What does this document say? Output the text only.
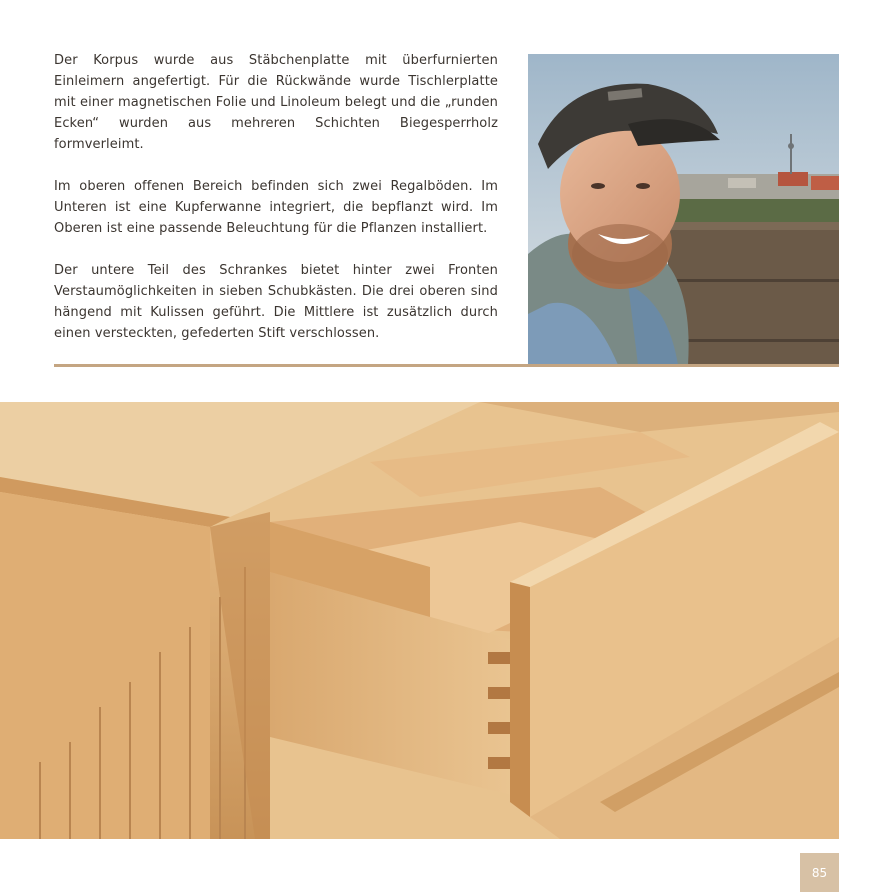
Der Korpus wurde aus Stäbchenplatte mit überfurnierten Einleimern angefertigt. Für die Rückwände wurde Tischlerplatte mit einer magnetischen Folie und Linoleum belegt und die „runden Ecken“ wurden aus mehreren Schichten Biegesperrholz formverleimt.

Im oberen offenen Bereich befinden sich zwei Regalböden. Im Unteren ist eine Kupferwanne integriert, die bepflanzt wird. Im Oberen ist eine passende Beleuchtung für die Pflanzen installiert.

Der untere Teil des Schrankes bietet hinter zwei Fronten Verstaumöglichkeiten in sieben Schubkästen. Die drei oberen sind hängend mit Kulissen geführt. Die Mittlere ist zusätzlich durch einen versteckten, gefederten Stift verschlossen.

85
